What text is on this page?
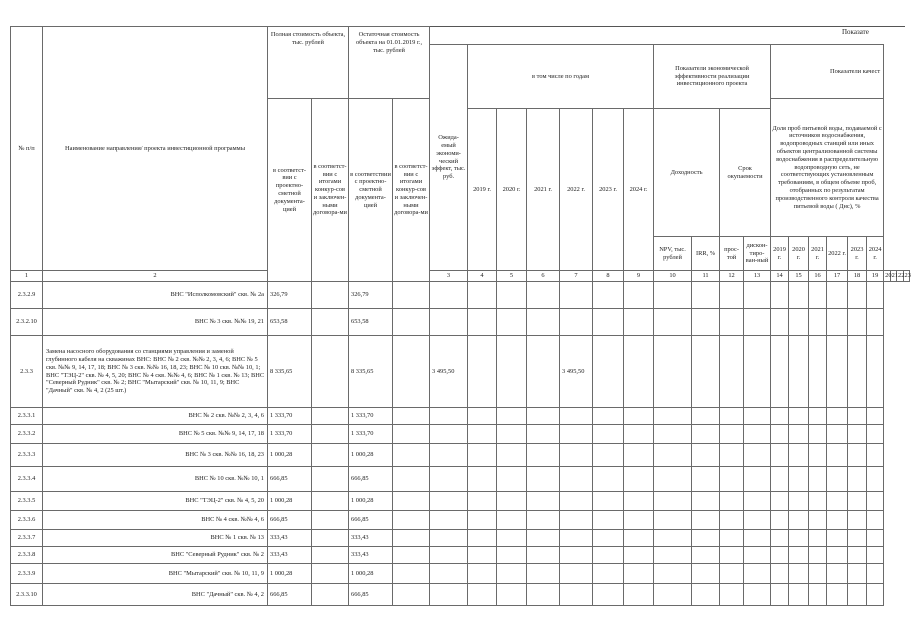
Показате
№ п/п	Наименование направления/ проекта инвестиционной программы	Полная стоимость объекта, тыс. рублей		Остаточная стоимость объекта на 01.01.2019 г., тыс. рублей																						
						Ожида-емый экономи-ческий эффект, тыс. руб.	в том числе по годам						Показатели экономической эффективности реализации инвестиционного проекта				Показатели качест									
		в соответст-вии с проектно-сметной документа-цией	в соответст-вии с итогами конкур-сов и заключен-ными договора-ми	в соответствии с проектно-сметной документа-цией	в соответст-вии с итогами конкур-сов и заключен-ными договора-ми												Доля проб питьевой воды, подаваемой с источников водоснабжения, водопроводных станций или иных объектов централизованной системы водоснабжения в распределительную водопроводную сеть, не соответствующих установленным требованиям, в общем объеме проб, отобранных по результатам производственного контроля качества питьевой воды ( Днс), %									
							2019 г.	2020 г.	2021 г.	2022 г.	2023 г.	2024 г.	Доходность		Срок окупаемости											
													NPV, тыс. рублей	IRR, %	прос-той	дискон-тиро-ван-ный	2019 г.	2020 г.	2021 г.	2022 г.	2023 г.	2024 г.				
1	2					3	4	5	6	7	8	9	10	11	12	13	14	15	16	17	18	19	20	21	22	23
2.3.2.9	ВНС "Исполкомовский" скв. № 2а	326,79		326,79																						
2.3.2.10	ВНС № 3 скв. №№ 19, 21	653,58		653,58																						
2.3.3	Замена насосного оборудования со станциями управления и заменой глубинного кабеля на скважинах ВНС: ВНС № 2 скв. №№ 2, 3, 4, 6; ВНС № 5 скв. №№ 9, 14, 17, 18; ВНС № 3 скв. №№ 16, 18, 23; ВНС № 10 скв. №№ 10, 1; ВНС "ТЭЦ-2" скв. № 4, 5, 20; ВНС № 4 скв. №№ 4, 6; ВНС № 1 скв. № 13; ВНС "Северный Рудник" скв. № 2; ВНС "Мытарский" скв. № 10, 11, 9; ВНС "Дачный" скв. № 4, 2 (25 шт.)	8 335,65		8 335,65		3 495,50				3 495,50																
2.3.3.1	ВНС № 2 скв. №№ 2, 3, 4, 6	1 333,70		1 333,70																						
2.3.3.2	ВНС № 5 скв. №№ 9, 14, 17, 18	1 333,70		1 333,70																						
2.3.3.3	ВНС № 3 скв. №№ 16, 18, 23	1 000,28		1 000,28																						
2.3.3.4	ВНС № 10 скв. №№ 10, 1	666,85		666,85																						
2.3.3.5	ВНС "ТЭЦ-2" скв. № 4, 5, 20	1 000,28		1 000,28																						
2.3.3.6	ВНС № 4 скв. №№ 4, 6	666,85		666,85																						
2.3.3.7	ВНС № 1 скв. № 13	333,43		333,43																						
2.3.3.8	ВНС "Северный Рудник" скв. № 2	333,43		333,43																						
2.3.3.9	ВНС "Мытарский" скв. № 10, 11, 9	1 000,28		1 000,28																						
2.3.3.10	ВНС "Дачный" скв. № 4, 2	666,85		666,85																						
